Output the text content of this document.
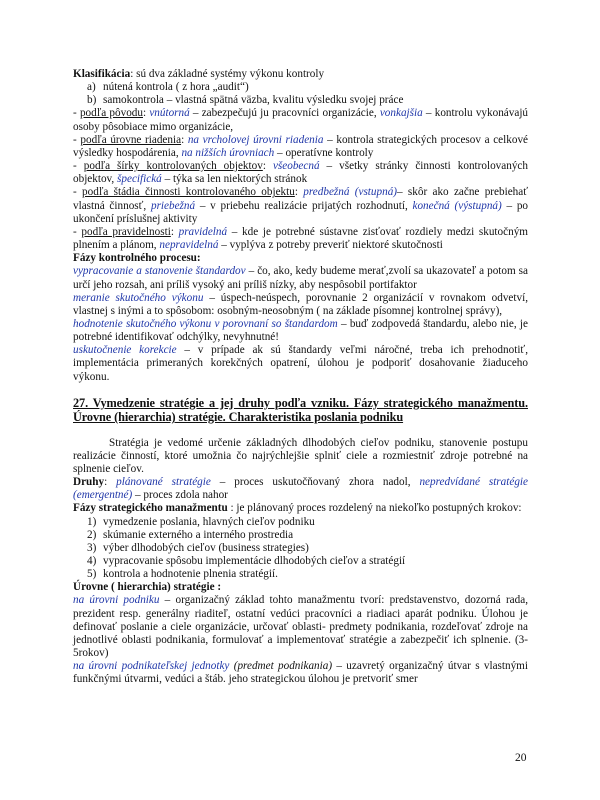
Klasifikácia: sú dva základné systémy výkonu kontroly

a) nútená kontrola ( z hora „audit“)
b) samokontrola – vlastná spätná väzba, kvalitu výsledku svojej práce

- podľa pôvodu: vnútorná – zabezpečujú ju pracovníci organizácie, vonkajšia – kontrolu vykonávajú osoby pôsobiace mimo organizácie,

- podľa úrovne riadenia: na vrcholovej úrovni riadenia – kontrola strategických procesov a celkové výsledky hospodárenia, na nižších úrovniach – operatívne kontroly

- podľa šírky kontrolovaných objektov: všeobecná – všetky stránky činnosti kontrolovaných objektov, špecifická – týka sa len niektorých stránok

- podľa štádia činnosti kontrolovaného objektu: predbežná (vstupná)– skôr ako začne prebiehať vlastná činnosť, priebežná – v priebehu realizácie prijatých rozhodnutí, konečná (výstupná) – po ukončení príslušnej aktivity

- podľa pravidelnosti: pravidelná – kde je potrebné sústavne zisťovať rozdiely medzi skutočným plnením a plánom, nepravidelná – vyplýva z potreby preveriť niektoré skutočnosti

Fázy kontrolného procesu:

vypracovanie a stanovenie štandardov – čo, ako, kedy budeme merať,zvolí sa ukazovateľ a potom sa určí jeho rozsah, ani príliš vysoký ani príliš nízky, aby nespôsobil portifaktor

meranie skutočného výkonu – úspech-neúspech, porovnanie 2 organizácií v rovnakom odvetví, vlastnej s inými a to spôsobom: osobným-neosobným ( na základe písomnej kontrolnej správy),

hodnotenie skutočného výkonu v porovnaní so štandardom – buď zodpovedá štandardu, alebo nie, je potrebné identifikovať odchýlky, nevyhnutné!

uskutočnenie korekcie – v prípade ak sú štandardy veľmi náročné, treba ich prehodnotiť, implementácia primeraných korekčných opatrení, úlohou je podporiť dosahovanie žiaduceho výkonu.

27. Vymedzenie stratégie a jej druhy podľa vzniku. Fázy strategického manažmentu. Úrovne (hierarchia) stratégie. Charakteristika poslania podniku

Stratégia je vedomé určenie základných dlhodobých cieľov podniku, stanovenie postupu realizácie činností, ktoré umožnia čo najrýchlejšie splniť ciele a rozmiestniť zdroje potrebné na splnenie cieľov.

Druhy: plánované stratégie – proces uskutočňovaný zhora nadol, nepredvídané stratégie (emergentné) – proces zdola nahor

Fázy strategického manažmentu : je plánovaný proces rozdelený na niekoľko postupných krokov:

1) vymedzenie poslania, hlavných cieľov podniku
2) skúmanie externého a interného prostredia
3) výber dlhodobých cieľov (business strategies)
4) vypracovanie spôsobu implementácie dlhodobých cieľov a stratégií
5) kontrola a hodnotenie plnenia stratégií.

Úrovne ( hierarchia) stratégie :

na úrovni podniku – organizačný základ tohto manažmentu tvorí: predstavenstvo, dozorná rada, prezident resp. generálny riaditeľ, ostatní vedúci pracovníci a riadiaci aparát podniku. Úlohou je definovať poslanie a ciele organizácie, určovať oblasti- predmety podnikania, rozdeľovať zdroje na jednotlivé oblasti podnikania, formulovať a implementovať stratégie a zabezpečiť ich splnenie. (3-5rokov)

na úrovni podnikateľskej jednotky (predmet podnikania) – uzavretý organizačný útvar s vlastnými funkčnými útvarmi, vedúci a štáb. jeho strategickou úlohou je pretvoriť smer

20
